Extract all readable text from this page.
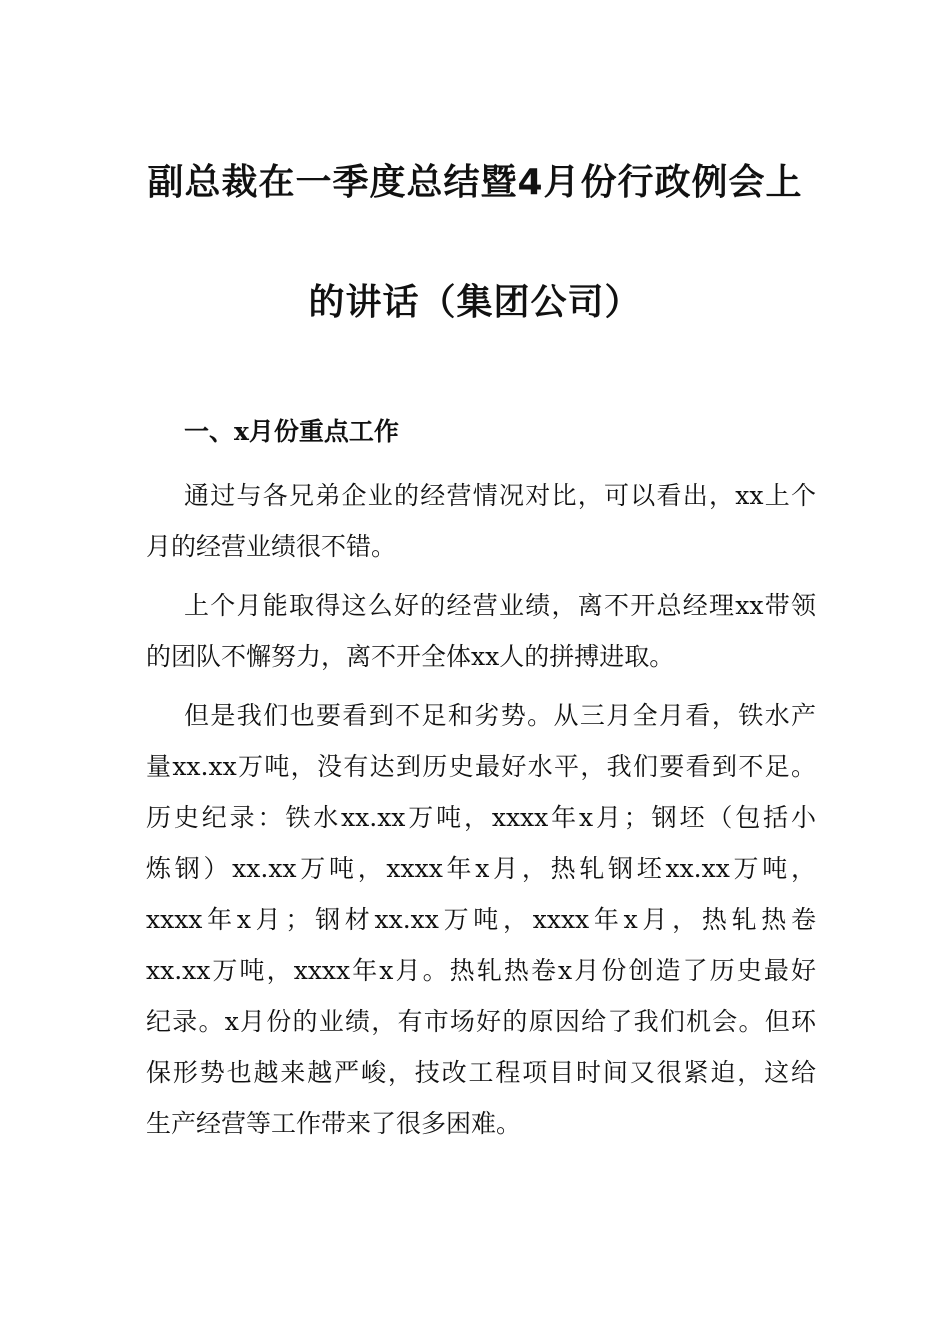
副总裁在一季度总结暨4月份行政例会上
的讲话（集团公司）
一、x月份重点工作
通过与各兄弟企业的经营情况对比，可以看出，xx上个
月的经营业绩很不错。
上个月能取得这么好的经营业绩，离不开总经理xx带领
的团队不懈努力，离不开全体xx人的拼搏进取。
但是我们也要看到不足和劣势。从三月全月看，铁水产
量xx.xx万吨，没有达到历史最好水平，我们要看到不足。
历史纪录：铁水xx.xx万吨，xxxx年x月；钢坯（包括小
炼钢）xx.xx万吨，xxxx年x月，热轧钢坯xx.xx万吨，
xxxx年x月；钢材xx.xx万吨，xxxx年x月，热轧热卷
xx.xx万吨，xxxx年x月。热轧热卷x月份创造了历史最好
纪录。x月份的业绩，有市场好的原因给了我们机会。但环
保形势也越来越严峻，技改工程项目时间又很紧迫，这给
生产经营等工作带来了很多困难。
